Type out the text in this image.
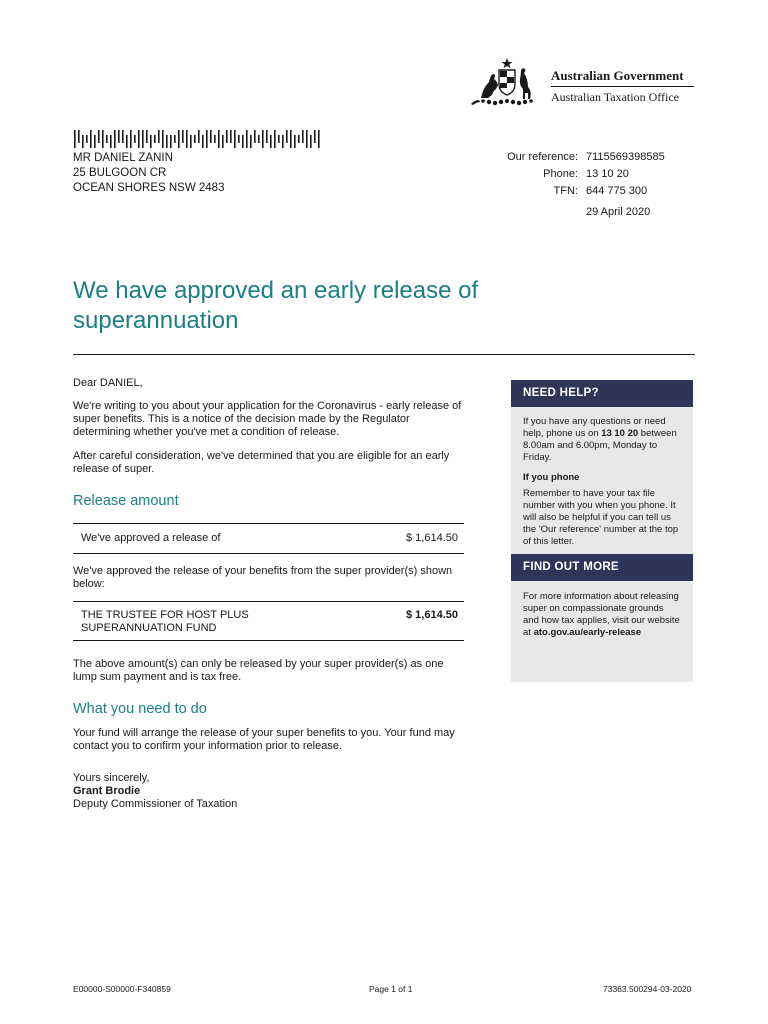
Australian Government
Australian Taxation Office
MR DANIEL ZANIN
25 BULGOON CR
OCEAN SHORES NSW 2483
Our reference: 7115569398585
Phone: 13 10 20
TFN: 644 775 300
29 April 2020
We have approved an early release of superannuation
Dear DANIEL,
We're writing to you about your application for the Coronavirus - early release of super benefits. This is a notice of the decision made by the Regulator determining whether you've met a condition of release.
After careful consideration, we've determined that you are eligible for an early release of super.
Release amount
We've approved a release of	$ 1,614.50
We've approved the release of your benefits from the super provider(s) shown below:
THE TRUSTEE FOR HOST PLUS SUPERANNUATION FUND
$ 1,614.50
The above amount(s) can only be released by your super provider(s) as one lump sum payment and is tax free.
What you need to do
Your fund will arrange the release of your super benefits to you. Your fund may contact you to confirm your information prior to release.
Yours sincerely,
Grant Brodie
Deputy Commissioner of Taxation
NEED HELP?
If you have any questions or need help, phone us on 13 10 20 between 8.00am and 6.00pm, Monday to Friday.
If you phone
Remember to have your tax file number with you when you phone. It will also be helpful if you can tell us the 'Our reference' number at the top of this letter.
FIND OUT MORE
For more information about releasing super on compassionate grounds and how tax applies, visit our website at ato.gov.au/early-release
E00000-S00000-F340859	Page 1 of 1	73363.500294-03-2020
